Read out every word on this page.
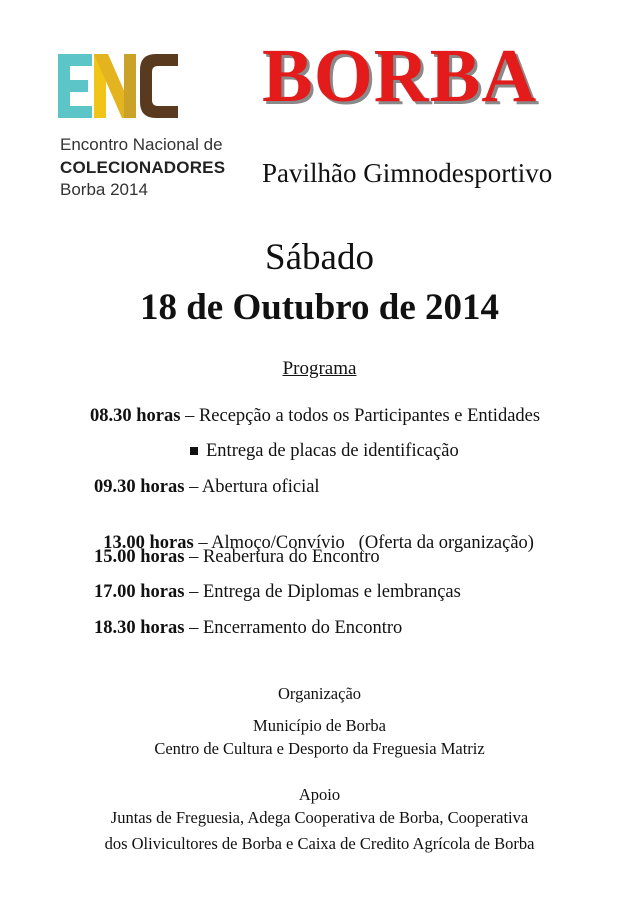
Encontro Nacional de
COLECIONADORES
Borba 2014
BORBA
Pavilhão Gimnodesportivo
Sábado
18 de Outubro de 2014
Programa
08.30 horas – Recepção a todos os Participantes e Entidades
Entrega de placas de identificação
09.30 horas – Abertura oficial

13.00 horas – Almoço/Convívio   (Oferta da organização)

15.00 horas – Reabertura do Encontro
17.00 horas – Entrega de Diplomas e lembranças
18.30 horas – Encerramento do Encontro
Organização
Município de Borba
Centro de Cultura e Desporto da Freguesia Matriz
Apoio
Juntas de Freguesia, Adega Cooperativa de Borba, Cooperativa
dos Olivicultores de Borba e Caixa de Credito Agrícola de Borba
